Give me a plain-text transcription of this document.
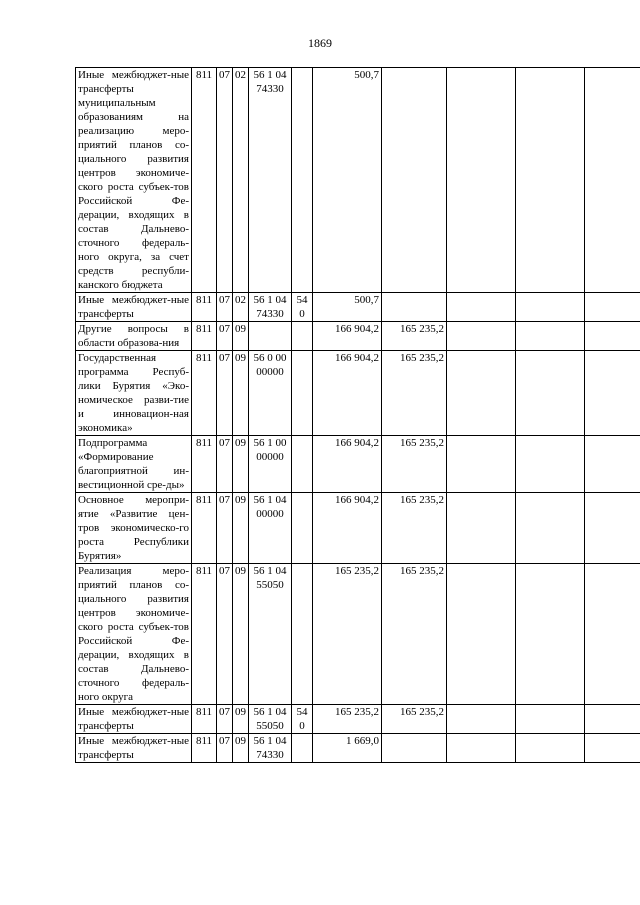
1869
Иные межбюджет-ные трансферты муниципальным образованиям на реализацию меро-приятий планов со-циального развития центров экономиче-ского роста субъек-тов Российской Фе-дерации, входящих в состав Дальнево-сточного федераль-ного округа, за счет средств республи-канского бюджета	811	07	02	56 1 04 74330		500,7				
Иные межбюджет-ные трансферты	811	07	02	56 1 04 74330	540	500,7				
Другие вопросы в области образова-ния	811	07	09			166 904,2	165 235,2			
Государственная программа Респуб-лики Бурятия «Эко-номическое разви-тие и инновацион-ная экономика»	811	07	09	56 0 00 00000		166 904,2	165 235,2			
Подпрограмма «Формирование благоприятной ин-вестиционной сре-ды»	811	07	09	56 1 00 00000		166 904,2	165 235,2			
Основное меропри-ятие «Развитие цен-тров экономическо-го роста Республики Бурятия»	811	07	09	56 1 04 00000		166 904,2	165 235,2			
Реализация меро-приятий планов со-циального развития центров экономиче-ского роста субъек-тов Российской Фе-дерации, входящих в состав Дальнево-сточного федераль-ного округа	811	07	09	56 1 04 55050		165 235,2	165 235,2			
Иные межбюджет-ные трансферты	811	07	09	56 1 04 55050	540	165 235,2	165 235,2			
Иные межбюджет-ные трансферты	811	07	09	56 1 04 74330		1 669,0				
